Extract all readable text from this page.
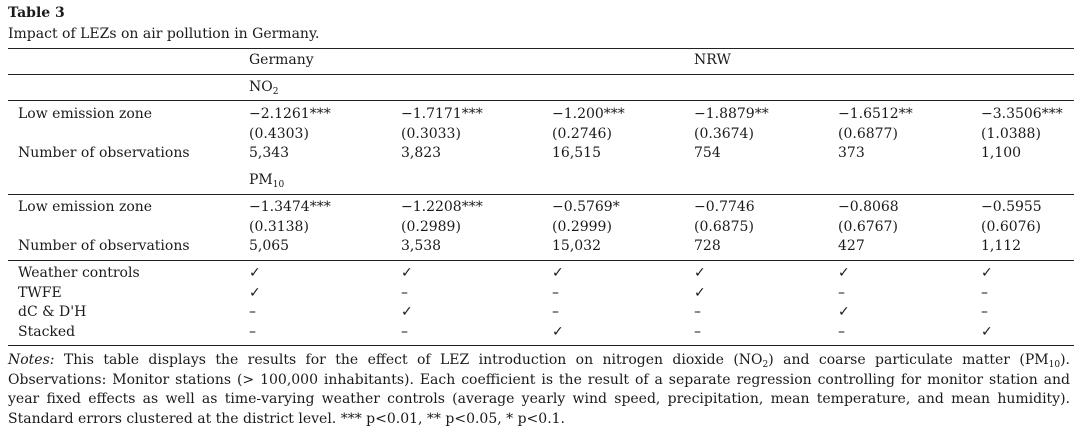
Table 3
Impact of LEZs on air pollution in Germany.
Germany	NRW
$NO_2$
Low emission zone	−2.1261***	−1.7171***	−1.200***	−1.8879**	−1.6512**	−3.3506***
(0.4303)	(0.3033)	(0.2746)	(0.3674)	(0.6877)	(1.0388)
Number of observations	5,343	3,823	16,515	754	373	1,100
$PM_{10}$
Low emission zone	−1.3474***	−1.2208***	−0.5769*	−0.7746	−0.8068	−0.5955
(0.3138)	(0.2989)	(0.2999)	(0.6875)	(0.6767)	(0.6076)
Number of observations	5,065	3,538	15,032	728	427	1,112
Weather controls	✓	✓	✓	✓	✓	✓
TWFE	✓	–	–	✓	–	–
dC & D'H	–	✓	–	–	✓	–
Stacked	–	–	✓	–	–	✓
Notes: This table displays the results for the effect of LEZ introduction on nitrogen dioxide $(NO_2)$ and coarse particulate matter $(PM_{10})$. Observations: Monitor stations (> 100,000 inhabitants). Each coefficient is the result of a separate regression controlling for monitor station and year fixed effects as well as time-varying weather controls (average yearly wind speed, precipitation, mean temperature, and mean humidity). Standard errors clustered at the district level. *** p<0.01, ** p<0.05, * p<0.1.
